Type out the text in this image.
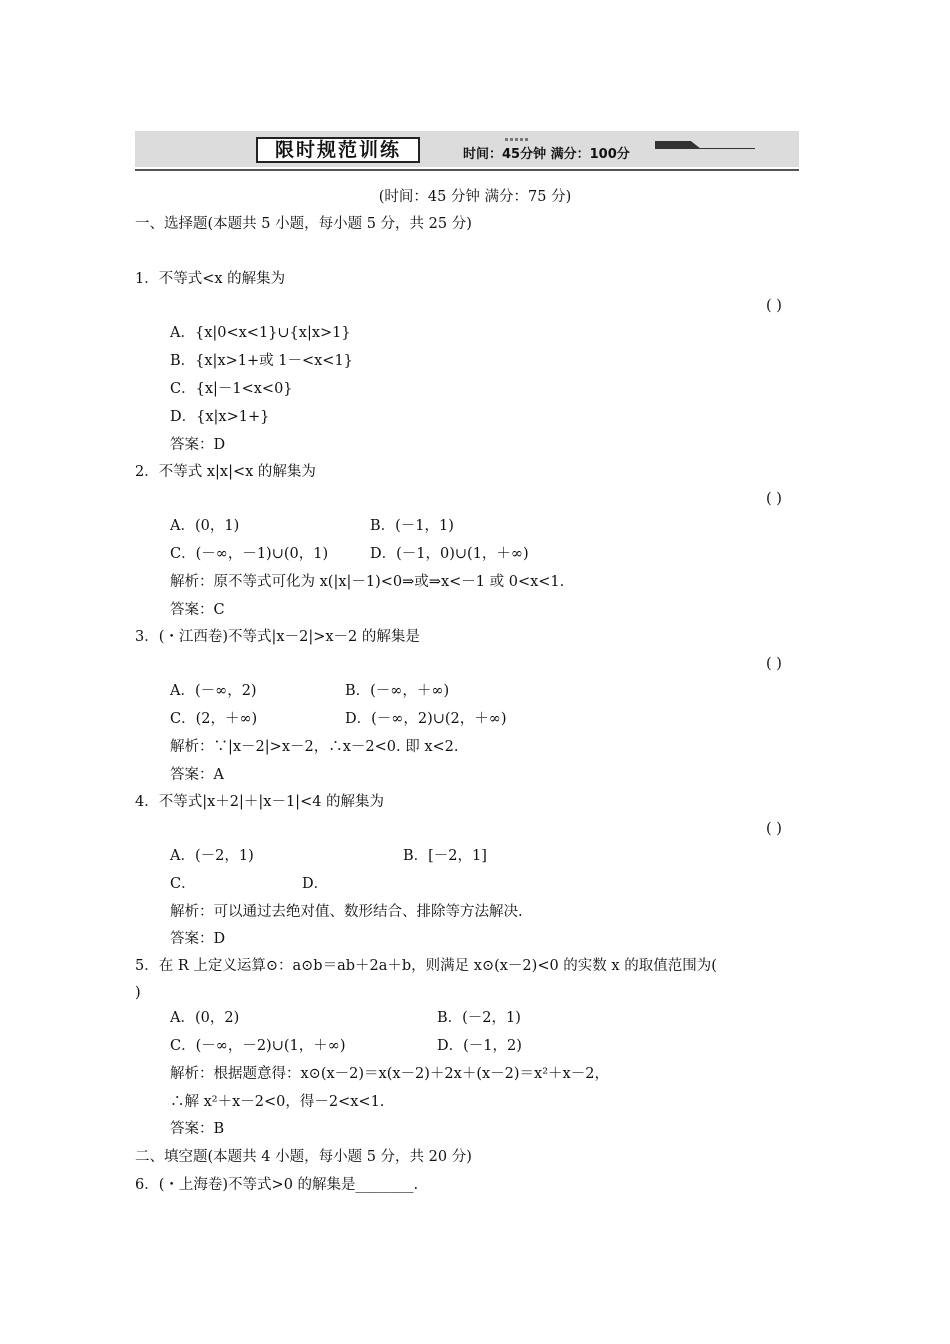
限时规范训练	时间：45分钟 满分：100分
(时间：45 分钟 满分：75 分)
一、选择题(本题共 5 小题，每小题 5 分，共 25 分)
1．不等式<x 的解集为
( )
A．{x|0<x<1}∪{x|x>1}
B．{x|x>1+或 1－<x<1}
C．{x|－1<x<0}
D．{x|x>1+}
答案：D
2．不等式 x|x|<x 的解集为
( )
A．(0，1)	B．(－1，1)
C．(－∞，－1)∪(0，1)	D．(－1，0)∪(1，＋∞)
解析：原不等式可化为 x(|x|－1)<0⇒或⇒x<－1 或 0<x<1.
答案：C
3．(・江西卷)不等式|x－2|>x－2 的解集是
( )
A．(－∞，2)	B．(－∞，＋∞)
C．(2，＋∞)	D．(－∞，2)∪(2，＋∞)
解析：∵|x－2|>x－2，∴x－2<0. 即 x<2.
答案：A
4．不等式|x＋2|＋|x－1|<4 的解集为
( )
A．(－2，1)	B．[－2，1]
C．	D．
解析：可以通过去绝对值、数形结合、排除等方法解决.
答案：D
5．在 R 上定义运算⊙：a⊙b＝ab＋2a＋b，则满足 x⊙(x－2)<0 的实数 x 的取值范围为(
)
A．(0，2)	B．(－2，1)
C．(－∞，－2)∪(1，＋∞)	D．(－1，2)
解析：根据题意得：x⊙(x－2)＝x(x－2)＋2x＋(x－2)＝x²＋x－2，
∴解 x²＋x－2<0，得－2<x<1.
答案：B
二、填空题(本题共 4 小题，每小题 5 分，共 20 分)
6．(・上海卷)不等式>0 的解集是________.
